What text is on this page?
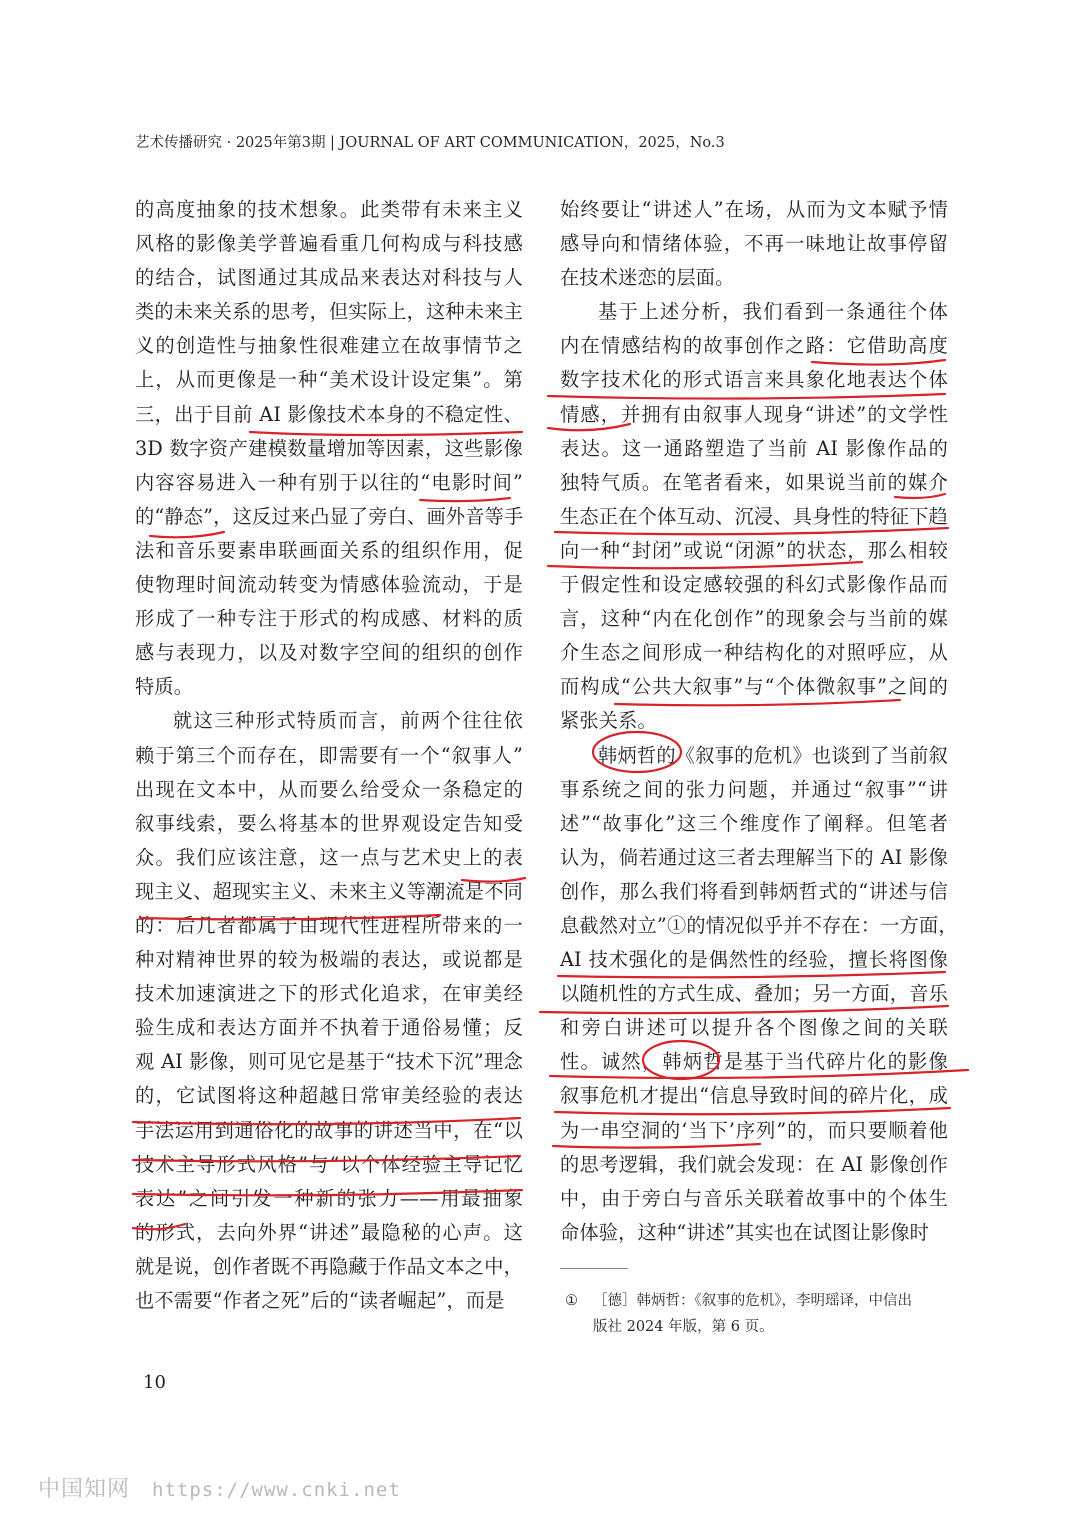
艺术传播研究 · 2025年第3期 | JOURNAL OF ART COMMUNICATION，2025，No.3
的高度抽象的技术想象。此类带有未来主义
风格的影像美学普遍看重几何构成与科技感
的结合，试图通过其成品来表达对科技与人
类的未来关系的思考，但实际上，这种未来主
义的创造性与抽象性很难建立在故事情节之
上，从而更像是一种“美术设计设定集”。第
三，出于目前 AI 影像技术本身的不稳定性、
3D 数字资产建模数量增加等因素，这些影像
内容容易进入一种有别于以往的“电影时间”
的“静态”，这反过来凸显了旁白、画外音等手
法和音乐要素串联画面关系的组织作用，促
使物理时间流动转变为情感体验流动，于是
形成了一种专注于形式的构成感、材料的质
感与表现力，以及对数字空间的组织的创作
特质。
就这三种形式特质而言，前两个往往依
赖于第三个而存在，即需要有一个“叙事人”
出现在文本中，从而要么给受众一条稳定的
叙事线索，要么将基本的世界观设定告知受
众。我们应该注意，这一点与艺术史上的表
现主义、超现实主义、未来主义等潮流是不同
的：后几者都属于由现代性进程所带来的一
种对精神世界的较为极端的表达，或说都是
技术加速演进之下的形式化追求，在审美经
验生成和表达方面并不执着于通俗易懂；反
观 AI 影像，则可见它是基于“技术下沉”理念
的，它试图将这种超越日常审美经验的表达
手法运用到通俗化的故事的讲述当中，在“以
技术主导形式风格”与“以个体经验主导记忆
表达”之间引发一种新的张力——用最抽象
的形式，去向外界“讲述”最隐秘的心声。这
就是说，创作者既不再隐藏于作品文本之中，
也不需要“作者之死”后的“读者崛起”，而是
始终要让“讲述人”在场，从而为文本赋予情
感导向和情绪体验，不再一味地让故事停留
在技术迷恋的层面。
基于上述分析，我们看到一条通往个体
内在情感结构的故事创作之路：它借助高度
数字技术化的形式语言来具象化地表达个体
情感，并拥有由叙事人现身“讲述”的文学性
表达。这一通路塑造了当前 AI 影像作品的
独特气质。在笔者看来，如果说当前的媒介
生态正在个体互动、沉浸、具身性的特征下趋
向一种“封闭”或说“闭源”的状态，那么相较
于假定性和设定感较强的科幻式影像作品而
言，这种“内在化创作”的现象会与当前的媒
介生态之间形成一种结构化的对照呼应，从
而构成“公共大叙事”与“个体微叙事”之间的
紧张关系。
韩炳哲的《叙事的危机》也谈到了当前叙
事系统之间的张力问题，并通过“叙事”“讲
述”“故事化”这三个维度作了阐释。但笔者
认为，倘若通过这三者去理解当下的 AI 影像
创作，那么我们将看到韩炳哲式的“讲述与信
息截然对立”①的情况似乎并不存在：一方面，
AI 技术强化的是偶然性的经验，擅长将图像
以随机性的方式生成、叠加；另一方面，音乐
和旁白讲述可以提升各个图像之间的关联
性。诚然，韩炳哲是基于当代碎片化的影像
叙事危机才提出“信息导致时间的碎片化，成
为一串空洞的‘当下’序列”的，而只要顺着他
的思考逻辑，我们就会发现：在 AI 影像创作
中，由于旁白与音乐关联着故事中的个体生
命体验，这种“讲述”其实也在试图让影像时
① ［德］韩炳哲：《叙事的危机》，李明瑶译，中信出
版社 2024 年版，第 6 页。
10
中国知网 https://www.cnki.net
